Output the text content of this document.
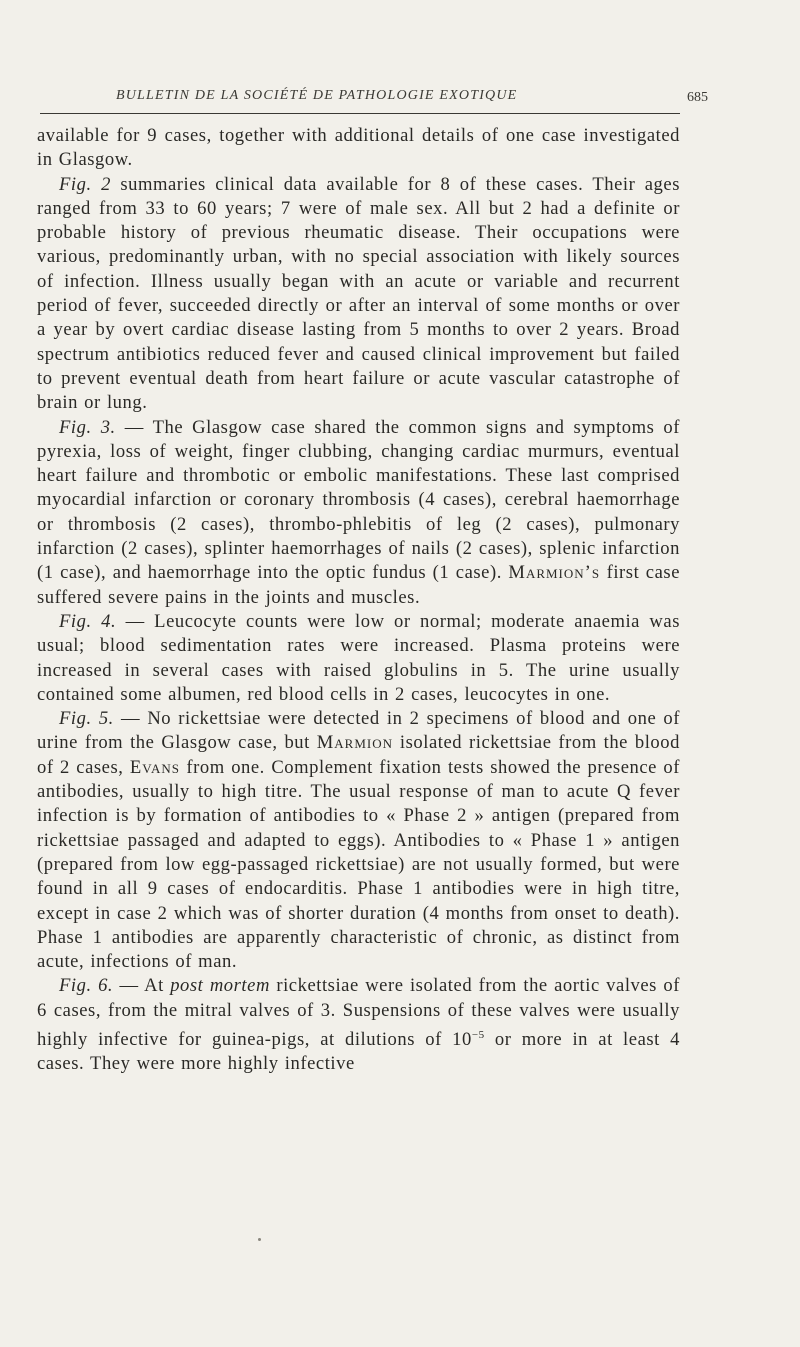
BULLETIN DE LA SOCIÉTÉ DE PATHOLOGIE EXOTIQUE	685

available for 9 cases, together with additional details of one case investigated in Glasgow.

Fig. 2 summaries clinical data available for 8 of these cases. Their ages ranged from 33 to 60 years; 7 were of male sex. All but 2 had a definite or probable history of previous rheumatic disease. Their occupations were various, predominantly urban, with no special association with likely sources of infection. Illness usually began with an acute or variable and recurrent period of fever, succeeded directly or after an interval of some months or over a year by overt cardiac disease lasting from 5 months to over 2 years. Broad spectrum antibiotics reduced fever and caused clinical improvement but failed to prevent eventual death from heart failure or acute vascular catastrophe of brain or lung.

Fig. 3. — The Glasgow case shared the common signs and symptoms of pyrexia, loss of weight, finger clubbing, changing cardiac murmurs, eventual heart failure and thrombotic or embolic manifestations. These last comprised myocardial infarction or coronary thrombosis (4 cases), cerebral haemorrhage or thrombosis (2 cases), thrombo-phlebitis of leg (2 cases), pulmonary infarction (2 cases), splinter haemorrhages of nails (2 cases), splenic infarction (1 case), and haemorrhage into the optic fundus (1 case). Marmion’s first case suffered severe pains in the joints and muscles.

Fig. 4. — Leucocyte counts were low or normal; moderate anaemia was usual; blood sedimentation rates were increased. Plasma proteins were increased in several cases with raised globulins in 5. The urine usually contained some albumen, red blood cells in 2 cases, leucocytes in one.

Fig. 5. — No rickettsiae were detected in 2 specimens of blood and one of urine from the Glasgow case, but Marmion isolated rickettsiae from the blood of 2 cases, Evans from one. Complement fixation tests showed the presence of antibodies, usually to high titre. The usual response of man to acute Q fever infection is by formation of antibodies to « Phase 2 » antigen (prepared from rickettsiae passaged and adapted to eggs). Antibodies to « Phase 1 » antigen (prepared from low egg-passaged rickettsiae) are not usually formed, but were found in all 9 cases of endocarditis. Phase 1 antibodies were in high titre, except in case 2 which was of shorter duration (4 months from onset to death). Phase 1 antibodies are apparently characteristic of chronic, as distinct from acute, infections of man.

Fig. 6. — At post mortem rickettsiae were isolated from the aortic valves of 6 cases, from the mitral valves of 3. Suspensions of these valves were usually highly infective for guinea-pigs, at dilutions of $10^{-5}$ or more in at least 4 cases. They were more highly infective
